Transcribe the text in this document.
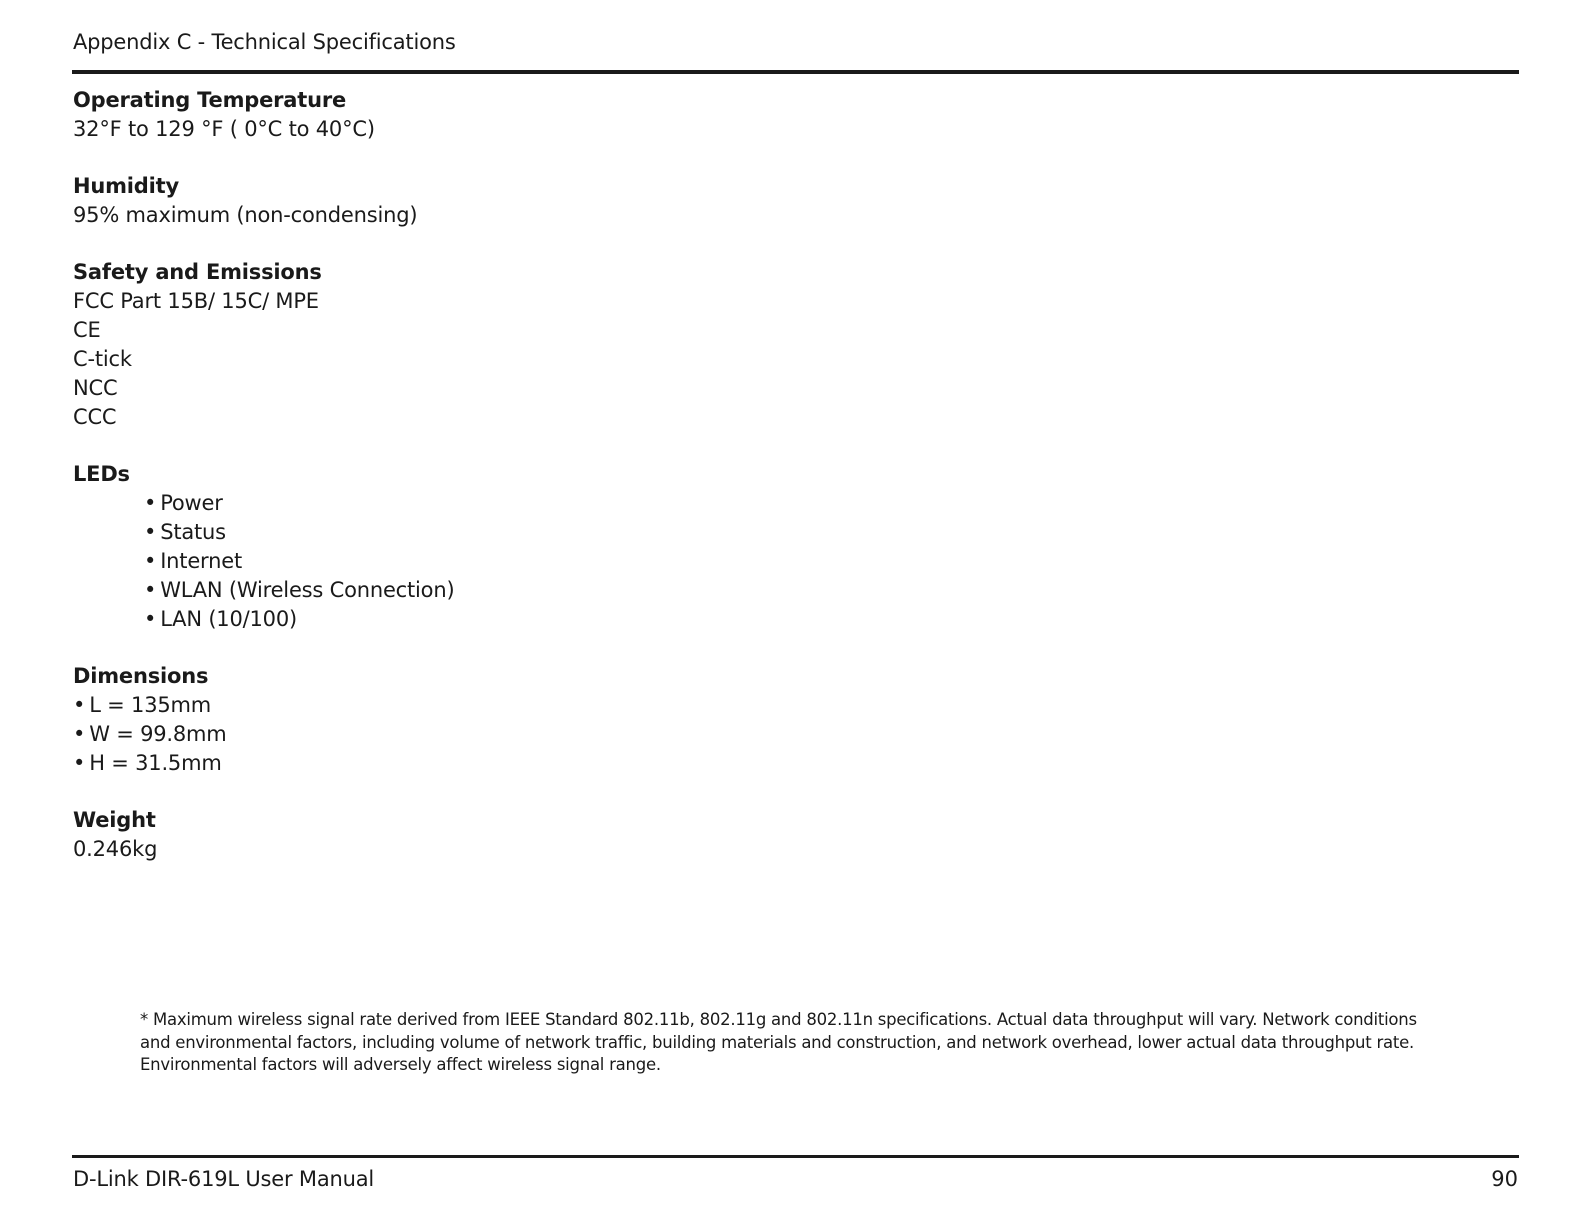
Appendix C - Technical Specifications
Operating Temperature
32°F to 129 °F ( 0°C to 40°C)
Humidity
95% maximum (non-condensing)
Safety and Emissions
FCC Part 15B/ 15C/ MPE
CE
C-tick
NCC
CCC
LEDs
• Power
• Status
• Internet
• WLAN (Wireless Connection)
• LAN (10/100)
Dimensions
• L = 135mm
• W = 99.8mm
• H = 31.5mm
Weight
0.246kg
* Maximum wireless signal rate derived from IEEE Standard 802.11b, 802.11g and 802.11n specifications. Actual data throughput will vary. Network conditions
and environmental factors, including volume of network traffic, building materials and construction, and network overhead, lower actual data throughput rate.
Environmental factors will adversely affect wireless signal range.
D-Link DIR-619L User Manual	90
